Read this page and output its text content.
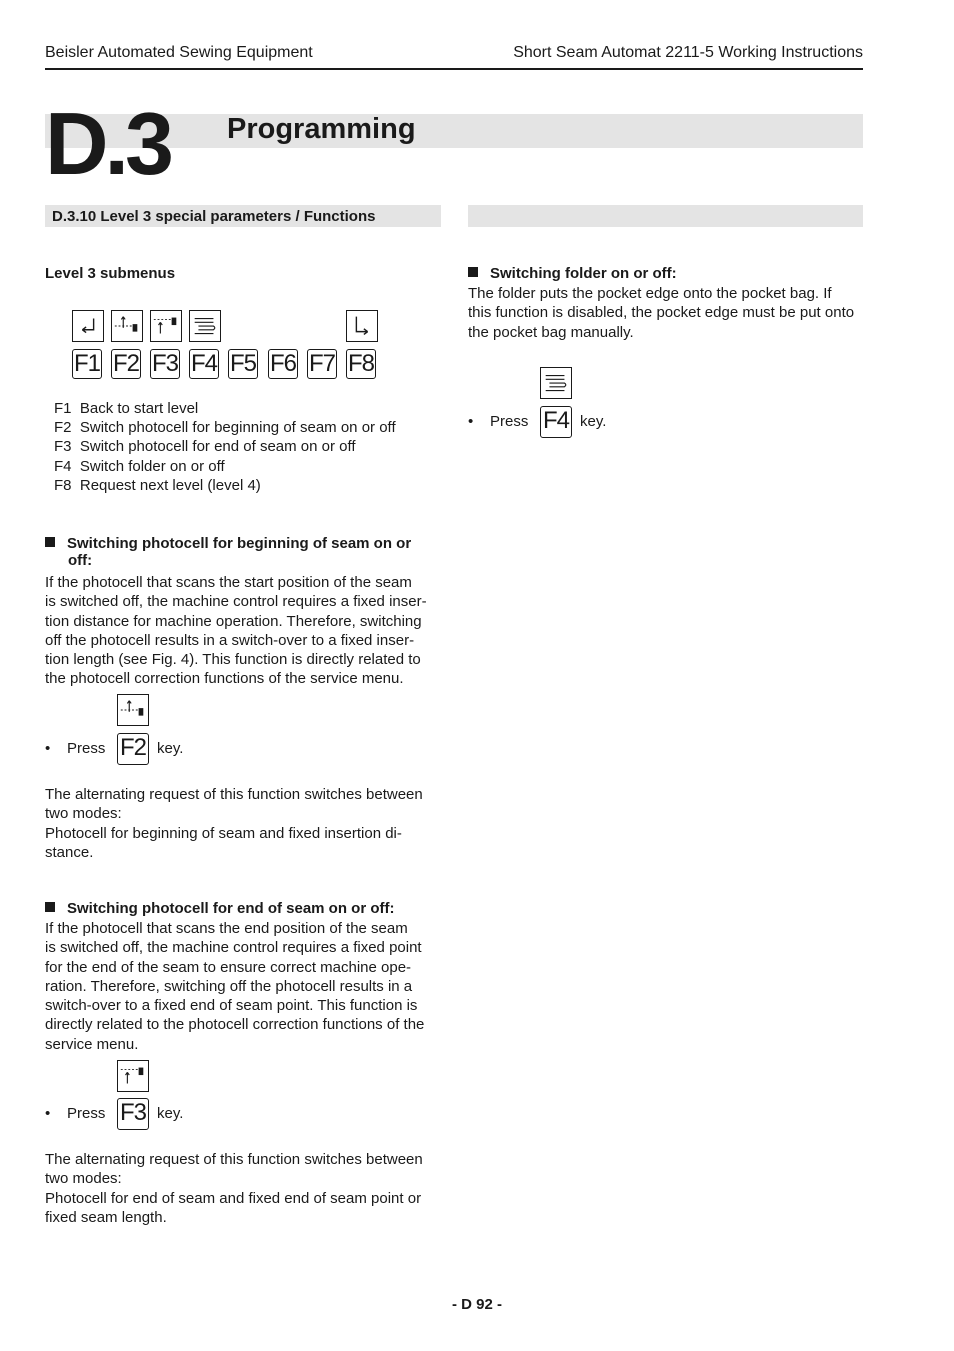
Beisler Automated Sewing Equipment	Short Seam Automat 2211-5 Working Instructions
D.3 Programming
D.3.10 Level 3 special parameters / Functions
Level 3 submenus
F1 F2 F3 F4 F5 F6 F7 F8
F1 Back to start level
F2 Switch photocell for beginning of seam on or off
F3 Switch photocell for end of seam on or off
F4 Switch folder on or off
F8 Request next level (level 4)
Switching photocell for beginning of seam on or
off:
If the photocell that scans the start position of the seam
is switched off, the machine control requires a fixed inser-
tion distance for machine operation. Therefore, switching
off the photocell results in a switch-over to a fixed inser-
tion length (see Fig. 4). This function is directly related to
the photocell correction functions of the service menu.
• Press F2 key.
The alternating request of this function switches between
two modes:
Photocell for beginning of seam and fixed insertion di-
stance.
Switching photocell for end of seam on or off:
If the photocell that scans the end position of the seam
is switched off, the machine control requires a fixed point
for the end of the seam to ensure correct machine ope-
ration. Therefore, switching off the photocell results in a
switch-over to a fixed end of seam point. This function is
directly related to the photocell correction functions of the
service menu.
• Press F3 key.
The alternating request of this function switches between
two modes:
Photocell for end of seam and fixed end of seam point or
fixed seam length.
Switching folder on or off:
The folder puts the pocket edge onto the pocket bag. If
this function is disabled, the pocket edge must be put onto
the pocket bag manually.
• Press F4 key.
- D 92 -
